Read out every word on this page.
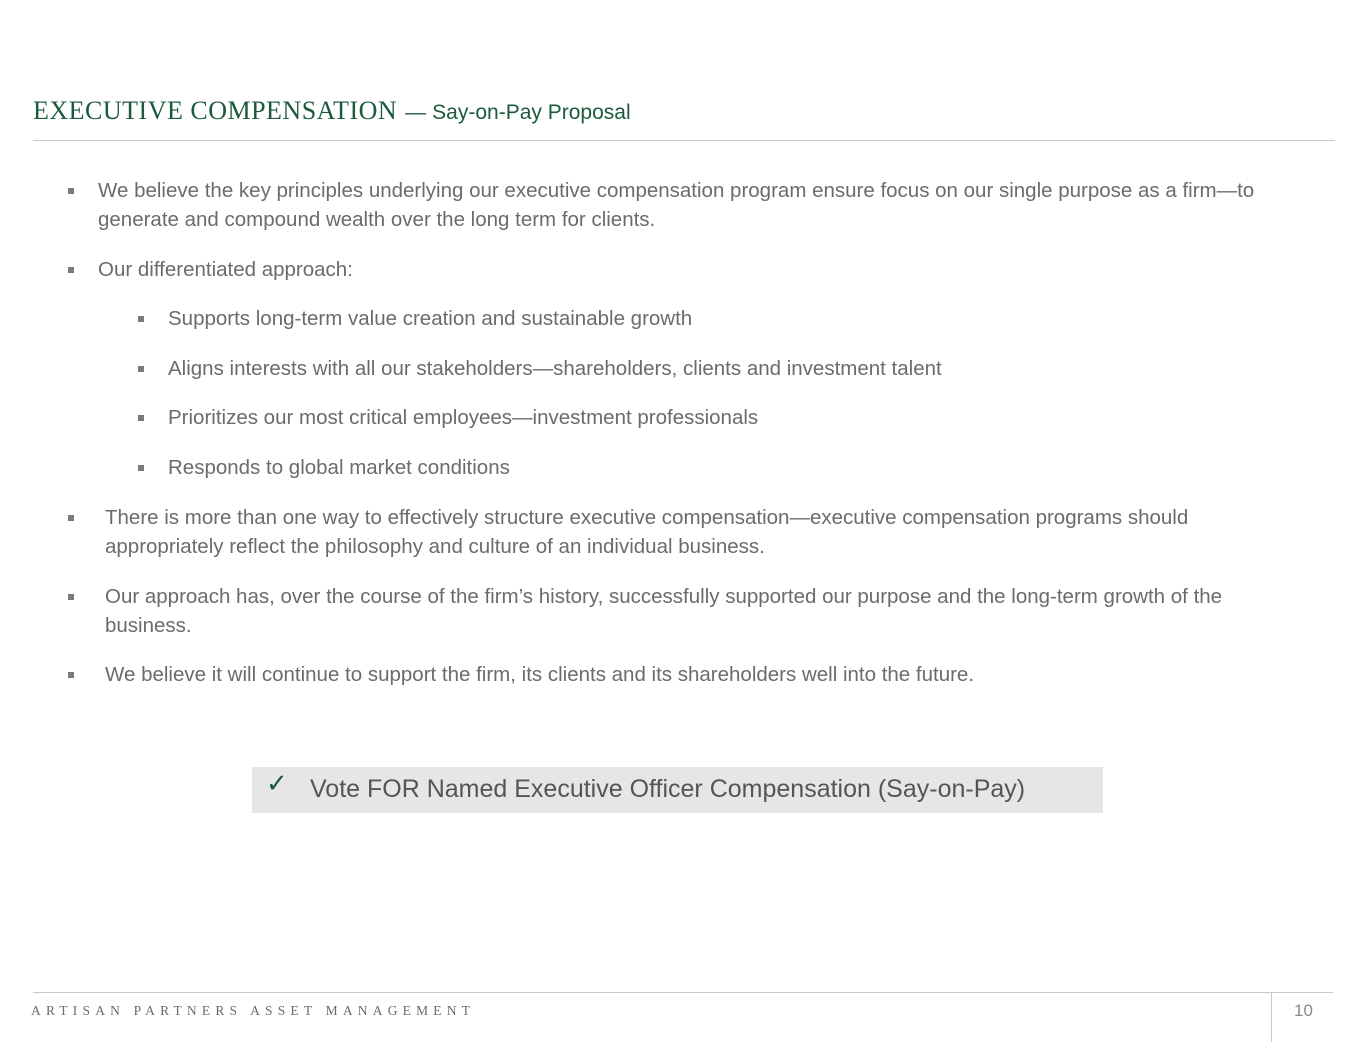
EXECUTIVE COMPENSATION — Say-on-Pay Proposal
We believe the key principles underlying our executive compensation program ensure focus on our single purpose as a firm—to generate and compound wealth over the long term for clients.
Our differentiated approach:
Supports long-term value creation and sustainable growth
Aligns interests with all our stakeholders—shareholders, clients and investment talent
Prioritizes our most critical employees—investment professionals
Responds to global market conditions
There is more than one way to effectively structure executive compensation—executive compensation programs should appropriately reflect the philosophy and culture of an individual business.
Our approach has, over the course of the firm’s history, successfully supported our purpose and the long-term growth of the business.
We believe it will continue to support the firm, its clients and its shareholders well into the future.
✓ Vote FOR Named Executive Officer Compensation (Say-on-Pay)
ARTISAN PARTNERS ASSET MANAGEMENT	10
